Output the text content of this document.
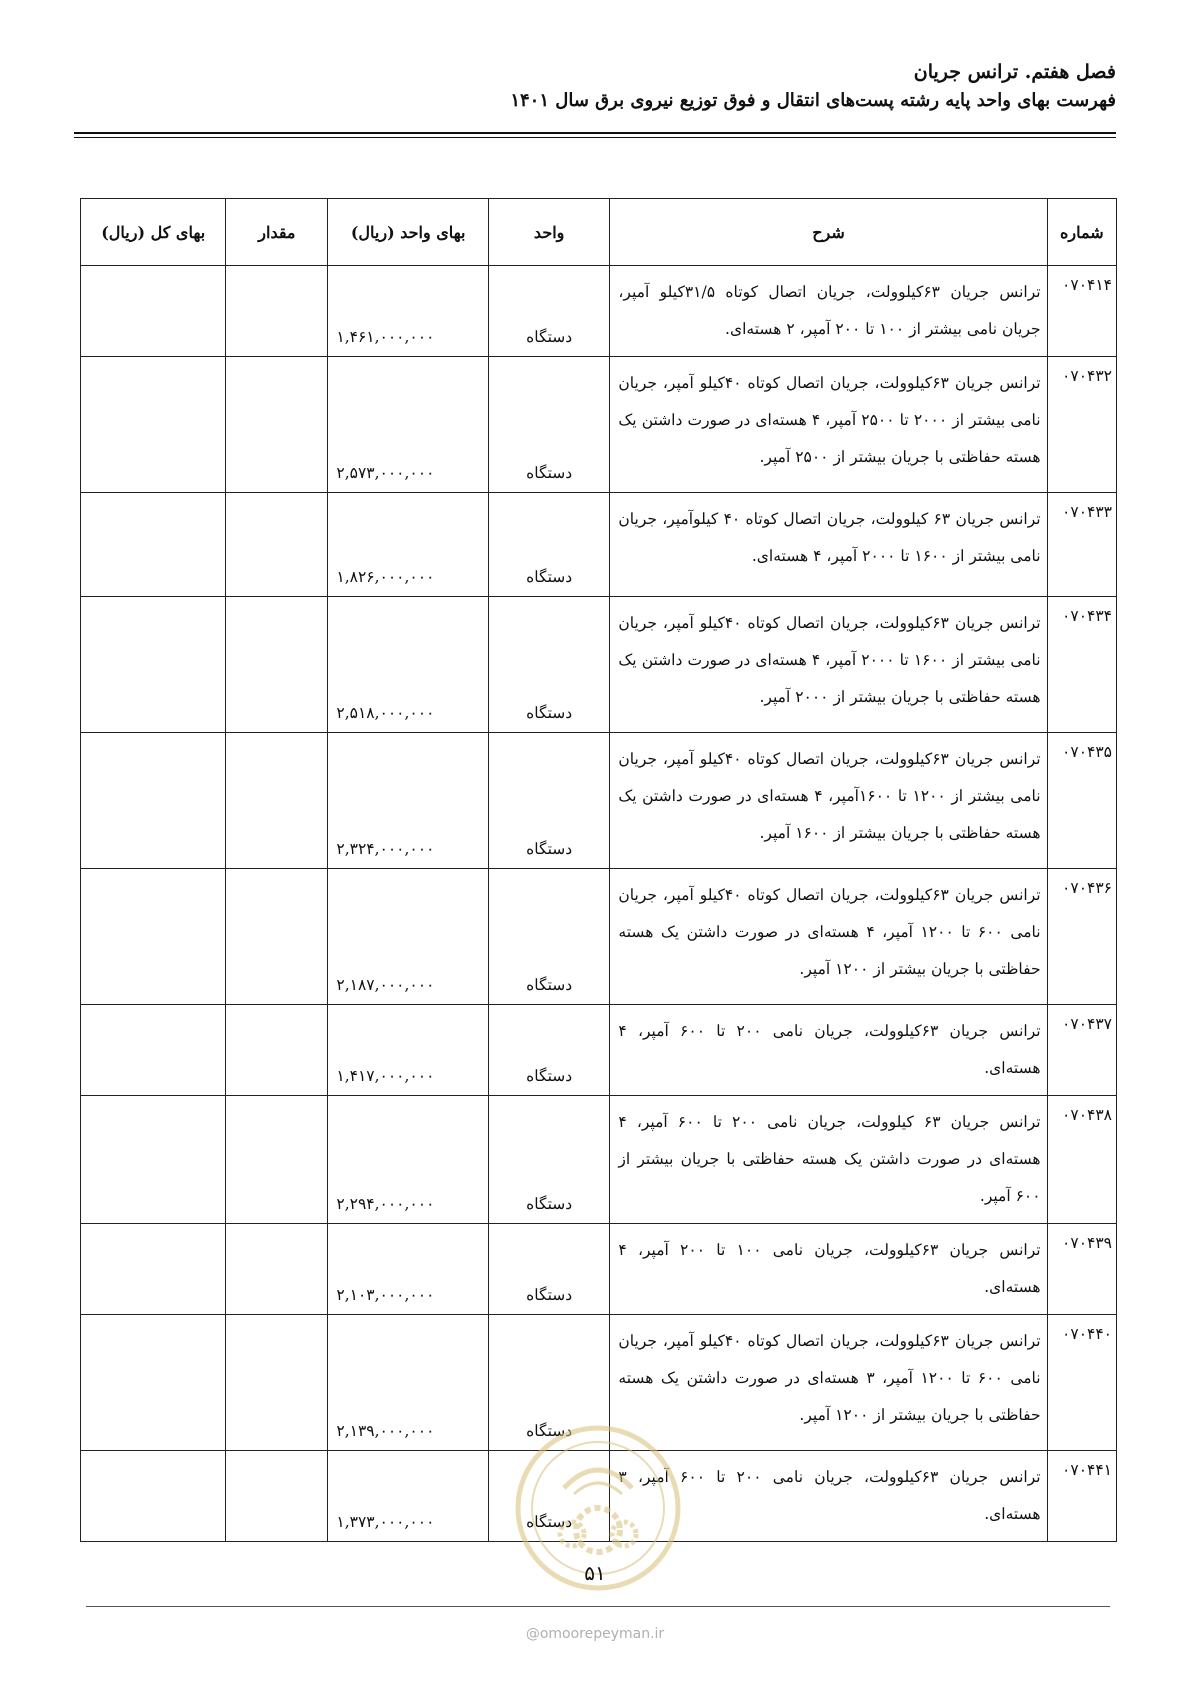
فصل هفتم. ترانس جریان
فهرست بهای واحد پایه رشته پست‌های انتقال و فوق توزیع نیروی برق سال ۱۴۰۱
شماره	شرح	واحد	بهای واحد (ریال)	مقدار	بهای کل (ریال)
۰۷۰۴۱۴	ترانس جریان ۶۳کیلوولت، جریان اتصال کوتاه ۳۱/۵کیلو آمپر، جریان نامی بیشتر از ۱۰۰ تا ۲۰۰ آمپر، ۲ هسته‌ای.	دستگاه	۱,۴۶۱,۰۰۰,۰۰۰		
۰۷۰۴۳۲	ترانس جریان ۶۳کیلوولت، جریان اتصال کوتاه ۴۰کیلو آمپر، جریان نامی بیشتر از ۲۰۰۰ تا ۲۵۰۰ آمپر، ۴ هسته‌ای در صورت داشتن یک هسته حفاظتی با جریان بیشتر از ۲۵۰۰ آمپر.	دستگاه	۲,۵۷۳,۰۰۰,۰۰۰		
۰۷۰۴۳۳	ترانس جریان ۶۳ کیلوولت، جریان اتصال کوتاه ۴۰ کیلوآمپر، جریان نامی بیشتر از ۱۶۰۰ تا ۲۰۰۰ آمپر، ۴ هسته‌ای.	دستگاه	۱,۸۲۶,۰۰۰,۰۰۰		
۰۷۰۴۳۴	ترانس جریان ۶۳کیلوولت، جریان اتصال کوتاه ۴۰کیلو آمپر، جریان نامی بیشتر از ۱۶۰۰ تا ۲۰۰۰ آمپر، ۴ هسته‌ای در صورت داشتن یک هسته حفاظتی با جریان بیشتر از ۲۰۰۰ آمپر.	دستگاه	۲,۵۱۸,۰۰۰,۰۰۰		
۰۷۰۴۳۵	ترانس جریان ۶۳کیلوولت، جریان اتصال کوتاه ۴۰کیلو آمپر، جریان نامی بیشتر از ۱۲۰۰ تا ۱۶۰۰آمپر، ۴ هسته‌ای در صورت داشتن یک هسته حفاظتی با جریان بیشتر از ۱۶۰۰ آمپر.	دستگاه	۲,۳۲۴,۰۰۰,۰۰۰		
۰۷۰۴۳۶	ترانس جریان ۶۳کیلوولت، جریان اتصال کوتاه ۴۰کیلو آمپر، جریان نامی ۶۰۰ تا ۱۲۰۰ آمپر، ۴ هسته‌ای در صورت داشتن یک هسته حفاظتی با جریان بیشتر از ۱۲۰۰ آمپر.	دستگاه	۲,۱۸۷,۰۰۰,۰۰۰		
۰۷۰۴۳۷	ترانس جریان ۶۳کیلوولت، جریان نامی ۲۰۰ تا ۶۰۰ آمپر، ۴ هسته‌ای.	دستگاه	۱,۴۱۷,۰۰۰,۰۰۰		
۰۷۰۴۳۸	ترانس جریان ۶۳ کیلوولت، جریان نامی ۲۰۰ تا ۶۰۰ آمپر، ۴ هسته‌ای در صورت داشتن یک هسته حفاظتی با جریان بیشتر از ۶۰۰ آمپر.	دستگاه	۲,۲۹۴,۰۰۰,۰۰۰		
۰۷۰۴۳۹	ترانس جریان ۶۳کیلوولت، جریان نامی ۱۰۰ تا ۲۰۰ آمپر، ۴ هسته‌ای.	دستگاه	۲,۱۰۳,۰۰۰,۰۰۰		
۰۷۰۴۴۰	ترانس جریان ۶۳کیلوولت، جریان اتصال کوتاه ۴۰کیلو آمپر، جریان نامی ۶۰۰ تا ۱۲۰۰ آمپر، ۳ هسته‌ای در صورت داشتن یک هسته حفاظتی با جریان بیشتر از ۱۲۰۰ آمپر.	دستگاه	۲,۱۳۹,۰۰۰,۰۰۰		
۰۷۰۴۴۱	ترانس جریان ۶۳کیلوولت، جریان نامی ۲۰۰ تا ۶۰۰ آمپر، ۳ هسته‌ای.	دستگاه	۱,۳۷۳,۰۰۰,۰۰۰		
۵۱
@omoorepeyman.ir
